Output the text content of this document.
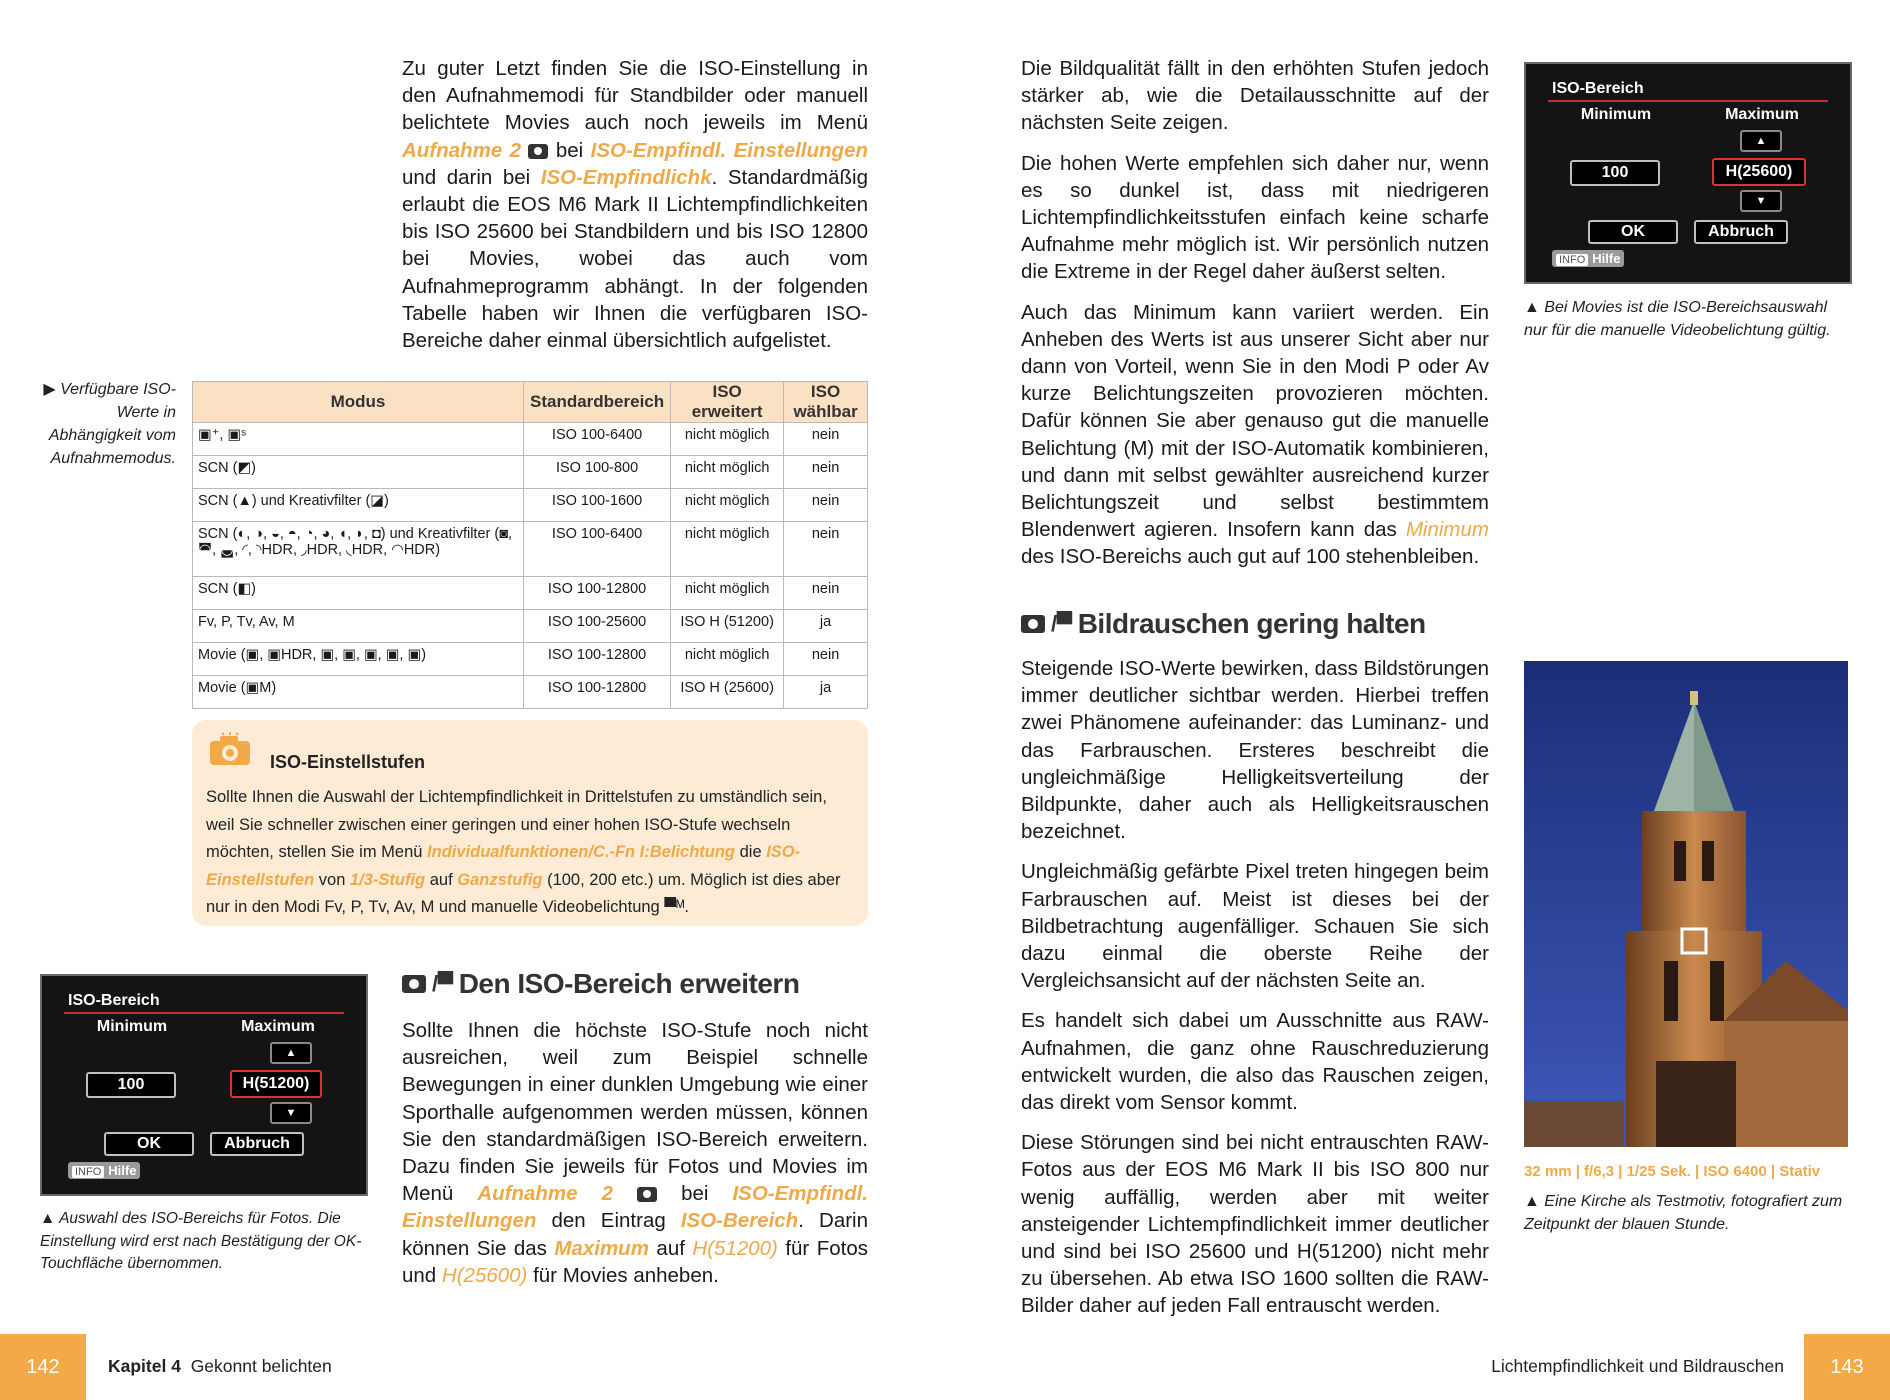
Zu guter Letzt finden Sie die ISO-Einstellung in den Aufnahmemodi für Standbilder oder manuell belichtete Movies auch noch jeweils im Menü Aufnahme 2  bei ISO-Empfindl. Einstellungen und darin bei ISO-Empfindlichk. Standardmäßig erlaubt die EOS M6 Mark II Lichtempfindlichkeiten bis ISO 25600 bei Standbildern und bis ISO 12800 bei Movies, wobei das auch vom Aufnahmeprogramm abhängt. In der folgenden Tabelle haben wir Ihnen die verfügbaren ISO-Bereiche daher einmal übersichtlich aufgelistet.

▶ Verfügbare ISO-Werte in Abhängigkeit vom Aufnahmemodus.
Modus	Standardbereich	ISO erweitert	ISO wählbar
▣⁺, ▣ˢ	ISO 100-6400	nicht möglich	nein
SCN (◩)	ISO 100-800	nicht möglich	nein
SCN (▲) und Kreativfilter (◪)	ISO 100-1600	nicht möglich	nein
SCN (◐, ◑, ◒, ◓, ◔, ◕, ◖, ◗, ◘) und Kreativfilter (◙, ◚, ◛, ◜, ◝HDR, ◞HDR, ◟HDR, ◠HDR)	ISO 100-6400	nicht möglich	nein
SCN (◧)	ISO 100-12800	nicht möglich	nein
Fv, P, Tv, Av, M	ISO 100-25600	ISO H (51200)	ja
Movie (▣, ▣HDR, ▣, ▣, ▣, ▣, ▣)	ISO 100-12800	nicht möglich	nein
Movie (▣M)	ISO 100-12800	ISO H (25600)	ja
ISO-Einstellstufen
Sollte Ihnen die Auswahl der Lichtempfindlichkeit in Drittelstufen zu umständlich sein, weil Sie schneller zwischen einer geringen und einer hohen ISO-Stufe wechseln möchten, stellen Sie im Menü Individualfunktionen/C.-Fn I:Belichtung die ISO-Einstellstufen von 1/3-Stufig auf Ganzstufig (100, 200 etc.) um. Möglich ist dies aber nur in den Modi Fv, P, Tv, Av, M und manuelle Videobelichtung ▀ᴹ.
ISO-Bereich
Minimum	Maximum
▲
100	H(51200)
▼
OK	Abbruch
INFO Hilfe
▲ Auswahl des ISO-Bereichs für Fotos. Die Einstellung wird erst nach Bestätigung der OK-Touchfläche übernommen.
/▀ Den ISO-Bereich erweitern

Sollte Ihnen die höchste ISO-Stufe noch nicht ausreichen, weil zum Beispiel schnelle Bewegungen in einer dunklen Umgebung wie einer Sporthalle aufgenommen werden müssen, können Sie den standardmäßigen ISO-Bereich erweitern. Dazu finden Sie jeweils für Fotos und Movies im Menü Aufnahme 2  bei ISO-Empfindl. Einstellungen den Eintrag ISO-Bereich. Darin können Sie das Maximum auf H(51200) für Fotos und H(25600) für Movies anheben.

142	Kapitel 4 Gekonnt belichten

Die Bildqualität fällt in den erhöhten Stufen jedoch stärker ab, wie die Detailausschnitte auf der nächsten Seite zeigen.

Die hohen Werte empfehlen sich daher nur, wenn es so dunkel ist, dass mit niedrigeren Lichtempfindlichkeitsstufen einfach keine scharfe Aufnahme mehr möglich ist. Wir persönlich nutzen die Extreme in der Regel daher äußerst selten.

Auch das Minimum kann variiert werden. Ein Anheben des Werts ist aus unserer Sicht aber nur dann von Vorteil, wenn Sie in den Modi P oder Av kurze Belichtungszeiten provozieren möchten. Dafür können Sie aber genauso gut die manuelle Belichtung (M) mit der ISO-Automatik kombinieren, und dann mit selbst gewählter ausreichend kurzer Belichtungszeit und selbst bestimmtem Blendenwert agieren. Insofern kann das Minimum des ISO-Bereichs auch gut auf 100 stehenbleiben.

/▀ Bildrauschen gering halten

Steigende ISO-Werte bewirken, dass Bildstörungen immer deutlicher sichtbar werden. Hierbei treffen zwei Phänomene aufeinander: das Luminanz- und das Farbrauschen. Ersteres beschreibt die ungleichmäßige Helligkeitsverteilung der Bildpunkte, daher auch als Helligkeitsrauschen bezeichnet.

Ungleichmäßig gefärbte Pixel treten hingegen beim Farbrauschen auf. Meist ist dieses bei der Bildbetrachtung augenfälliger. Schauen Sie sich dazu einmal die oberste Reihe der Vergleichsansicht auf der nächsten Seite an.

Es handelt sich dabei um Ausschnitte aus RAW-Aufnahmen, die ganz ohne Rauschreduzierung entwickelt wurden, die also das Rauschen zeigen, das direkt vom Sensor kommt.

Diese Störungen sind bei nicht entrauschten RAW-Fotos aus der EOS M6 Mark II bis ISO 800 nur wenig auffällig, werden aber mit weiter ansteigender Lichtempfindlichkeit immer deutlicher und sind bei ISO 25600 und H(51200) nicht mehr zu übersehen. Ab etwa ISO 1600 sollten die RAW-Bilder daher auf jeden Fall entrauscht werden.

ISO-Bereich
Minimum	Maximum
▲
100	H(25600)
▼
OK	Abbruch
INFO Hilfe
▲ Bei Movies ist die ISO-Bereichsauswahl nur für die manuelle Videobelichtung gültig.
32 mm | f/6,3 | 1/25 Sek. | ISO 6400 | Stativ
▲ Eine Kirche als Testmotiv, fotografiert zum Zeitpunkt der blauen Stunde.
Lichtempfindlichkeit und Bildrauschen	143
